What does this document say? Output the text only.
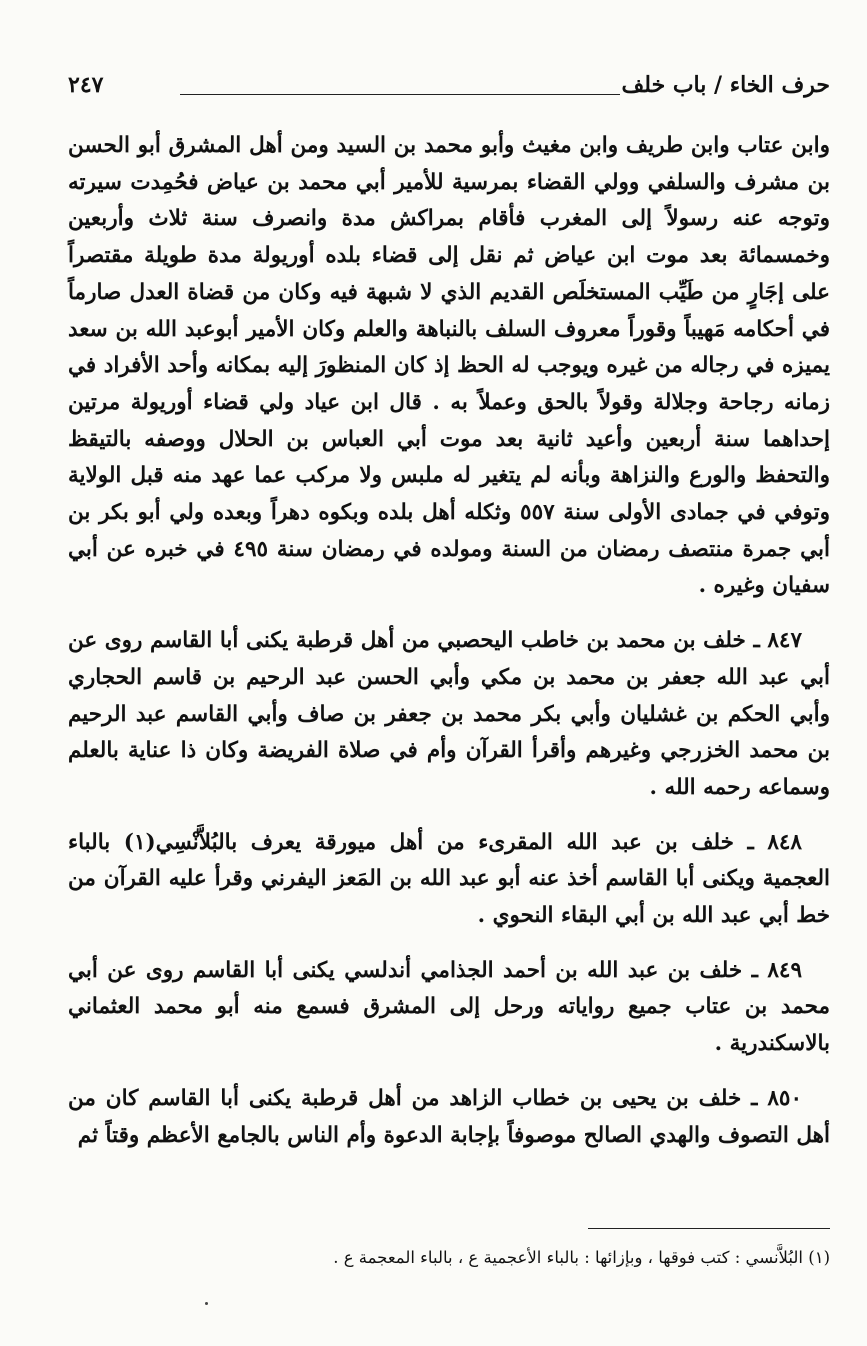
حرف الخاء / باب خلف
٢٤٧

وابن عتاب وابن طريف وابن مغيث وأبو محمد بن السيد ومن أهل المشرق أبو الحسن بن مشرف والسلفي وولي القضاء بمرسية للأمير أبي محمد بن عياض فحُمِدت سيرته وتوجه عنه رسولاً إلى المغرب فأقام بمراكش مدة وانصرف سنة ثلاث وأربعين وخمسمائة بعد موت ابن عياض ثم نقل إلى قضاء بلده أوريولة مدة طويلة مقتصراً على إجَارٍ من طَيِّب المستخلَص القديم الذي لا شبهة فيه وكان من قضاة العدل صارماً في أحكامه مَهيباً وقوراً معروف السلف بالنباهة والعلم وكان الأمير أبوعبد الله بن سعد يميزه في رجاله من غيره ويوجب له الحظ إذ كان المنظورَ إليه بمكانه وأحد الأفراد في زمانه رجاحة وجلالة وقولاً بالحق وعملاً به . قال ابن عياد ولي قضاء أوريولة مرتين إحداهما سنة أربعين وأعيد ثانية بعد موت أبي العباس بن الحلال ووصفه بالتيقظ والتحفظ والورع والنزاهة وبأنه لم يتغير له ملبس ولا مركب عما عهد منه قبل الولاية وتوفي في جمادى الأولى سنة ٥٥٧ وثكله أهل بلده وبكوه دهراً وبعده ولي أبو بكر بن أبي جمرة منتصف رمضان من السنة ومولده في رمضان سنة ٤٩٥ في خبره عن أبي سفيان وغيره .

٨٤٧ ـ خلف بن محمد بن خاطب اليحصبي من أهل قرطبة يكنى أبا القاسم روى عن أبي عبد الله جعفر بن محمد بن مكي وأبي الحسن عبد الرحيم بن قاسم الحجاري وأبي الحكم بن غشليان وأبي بكر محمد بن جعفر بن صاف وأبي القاسم عبد الرحيم بن محمد الخزرجي وغيرهم وأقرأ القرآن وأم في صلاة الفريضة وكان ذا عناية بالعلم وسماعه رحمه الله .

٨٤٨ ـ خلف بن عبد الله المقرىء من أهل ميورقة يعرف بالبُلاَّنْسِي(١) بالباء العجمية ويكنى أبا القاسم أخذ عنه أبو عبد الله بن المَعز اليفرني وقرأ عليه القرآن من خط أبي عبد الله بن أبي البقاء النحوي .

٨٤٩ ـ خلف بن عبد الله بن أحمد الجذامي أندلسي يكنى أبا القاسم روى عن أبي محمد بن عتاب جميع رواياته ورحل إلى المشرق فسمع منه أبو محمد العثماني بالاسكندرية .

٨٥٠ ـ خلف بن يحيى بن خطاب الزاهد من أهل قرطبة يكنى أبا القاسم كان من أهل التصوف والهدي الصالح موصوفاً بإجابة الدعوة وأم الناس بالجامع الأعظم وقتاً ثم

(١) البُلاَّنسي : كتب فوقها ، وبإزائها : بالباء الأعجمية ع ، بالباء المعجمة ع .
